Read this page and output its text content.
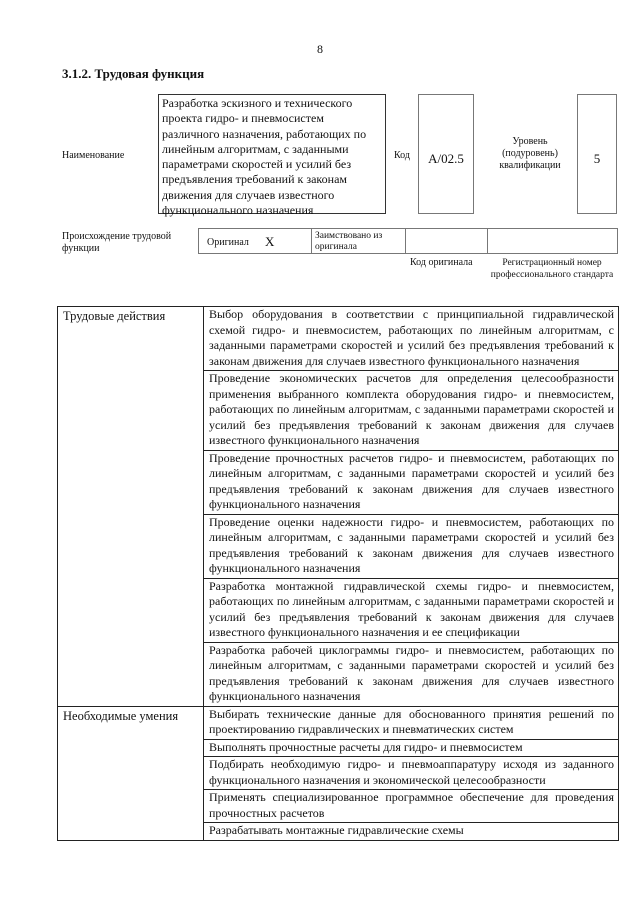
8
3.1.2. Трудовая функция
Наименование
Разработка эскизного и технического проекта гидро- и пневмосистем различного назначения, работающих по линейным алгоритмам, с заданными параметрами скоростей и усилий без предъявления требований к законам движения для случаев известного функционального назначения
Код	А/02.5
Уровень (подуровень) квалификации	5
Происхождение трудовой функции
Оригинал X	Заимствовано из оригинала
Код оригинала	Регистрационный номер профессионального стандарта
Трудовые действия	Выбор оборудования в соответствии с принципиальной гидравлической схемой гидро- и пневмосистем, работающих по линейным алгоритмам, с заданными параметрами скоростей и усилий без предъявления требований к законам движения для случаев известного функционального назначения
	Проведение экономических расчетов для определения целесообразности применения выбранного комплекта оборудования гидро- и пневмосистем, работающих по линейным алгоритмам, с заданными параметрами скоростей и усилий без предъявления требований к законам движения для случаев известного функционального назначения
	Проведение прочностных расчетов гидро- и пневмосистем, работающих по линейным алгоритмам, с заданными параметрами скоростей и усилий без предъявления требований к законам движения для случаев известного функционального назначения
	Проведение оценки надежности гидро- и пневмосистем, работающих по линейным алгоритмам, с заданными параметрами скоростей и усилий без предъявления требований к законам движения для случаев известного функционального назначения
	Разработка монтажной гидравлической схемы гидро- и пневмосистем, работающих по линейным алгоритмам, с заданными параметрами скоростей и усилий без предъявления требований к законам движения для случаев известного функционального назначения и ее спецификации
	Разработка рабочей циклограммы гидро- и пневмосистем, работающих по линейным алгоритмам, с заданными параметрами скоростей и усилий без предъявления требований к законам движения для случаев известного функционального назначения
Необходимые умения	Выбирать технические данные для обоснованного принятия решений по проектированию гидравлических и пневматических систем
	Выполнять прочностные расчеты для гидро- и пневмосистем
	Подбирать необходимую гидро- и пневмоаппаратуру исходя из заданного функционального назначения и экономической целесообразности
	Применять специализированное программное обеспечение для проведения прочностных расчетов
	Разрабатывать монтажные гидравлические схемы
